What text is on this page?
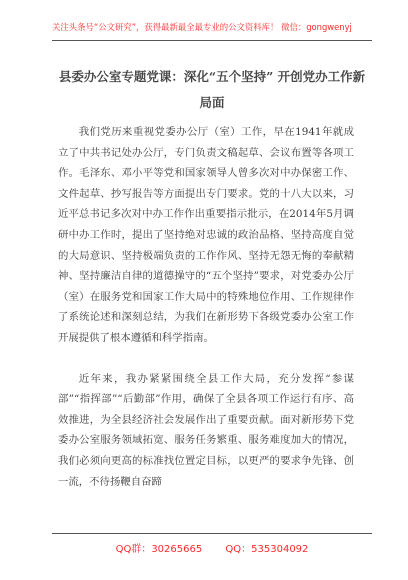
关注头条号“公文研究”，获得最新最全最专业的公文资料库！ 微信：gongwenyj
县委办公室专题党课：深化“五个坚持” 开创党办工作新
局面

我们党历来重视党委办公厅（室）工作，早在1941年就成立了中共书记处办公厅，专门负责文稿起草、会议布置等各项工作。毛泽东、邓小平等党和国家领导人曾多次对中办保密工作、文件起草、抄写报告等方面提出专门要求。党的十八大以来，习近平总书记多次对中办工作作出重要指示批示，在2014年5月调研中办工作时，提出了坚持绝对忠诚的政治品格、坚持高度自觉的大局意识、坚持极端负责的工作作风、坚持无怨无悔的奉献精神、坚持廉洁自律的道德操守的“五个坚持”要求，对党委办公厅（室）在服务党和国家工作大局中的特殊地位作用、工作规律作了系统论述和深刻总结，为我们在新形势下各级党委办公室工作开展提供了根本遵循和科学指南。

近年来，我办紧紧围绕全县工作大局，充分发挥“参谋部”“指挥部”“后勤部”作用，确保了全县各项工作运行有序、高效推进，为全县经济社会发展作出了重要贡献。面对新形势下党委办公室服务领域拓宽、服务任务繁重、服务难度加大的情况，我们必须向更高的标准找位置定目标，以更严的要求争先锋、创一流，不待扬鞭自奋蹄

QQ群：30265665 QQ：535304092
